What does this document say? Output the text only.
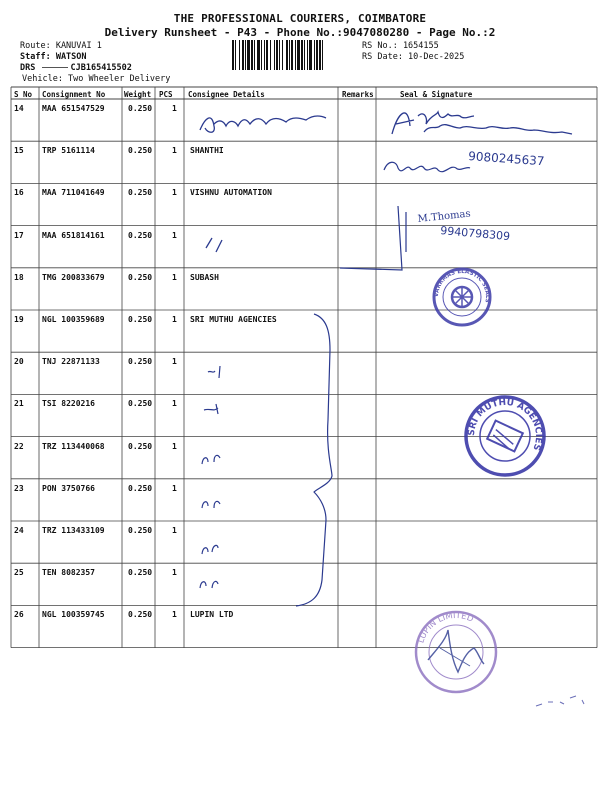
THE PROFESSIONAL COURIERS, COIMBATORE
Delivery Runsheet - P43 - Phone No.:9047080280 - Page No.:2
Route: KANUVAI 1
Staff: WATSON
DRS	CJB165415502
Vehicle: Two Wheeler Delivery
RS No.: 1654155
RS Date: 10-Dec-2025
S No Consignment No	Weight PCS Consignee Details	Remarks	Seal & Signature
14 MAA 651547529	0.250 1
15 TRP 5161114	0.250 1 SHANTHI
16 MAA 711041649	0.250 1 VISHNU AUTOMATION
17 MAA 651814161	0.250 1
18 TMG 200833679	0.250 1 SUBASH
19 NGL 100359689	0.250 1 SRI MUTHU AGENCIES
20 TNJ 22871133	0.250 1
21 TSI 8220216	0.250 1
22 TRZ 113440068	0.250 1
23 PON 3750766	0.250 1
24 TRZ 113433109	0.250 1
25 TEN 8082357	0.250 1
26 NGL 100359745	0.250 1 LUPIN LTD
9080245637
M.Thomas
9940798309
VARRMAS ELASTIC SEALS
SRI MUTHU AGENCIES
LUPIN LIMITED
